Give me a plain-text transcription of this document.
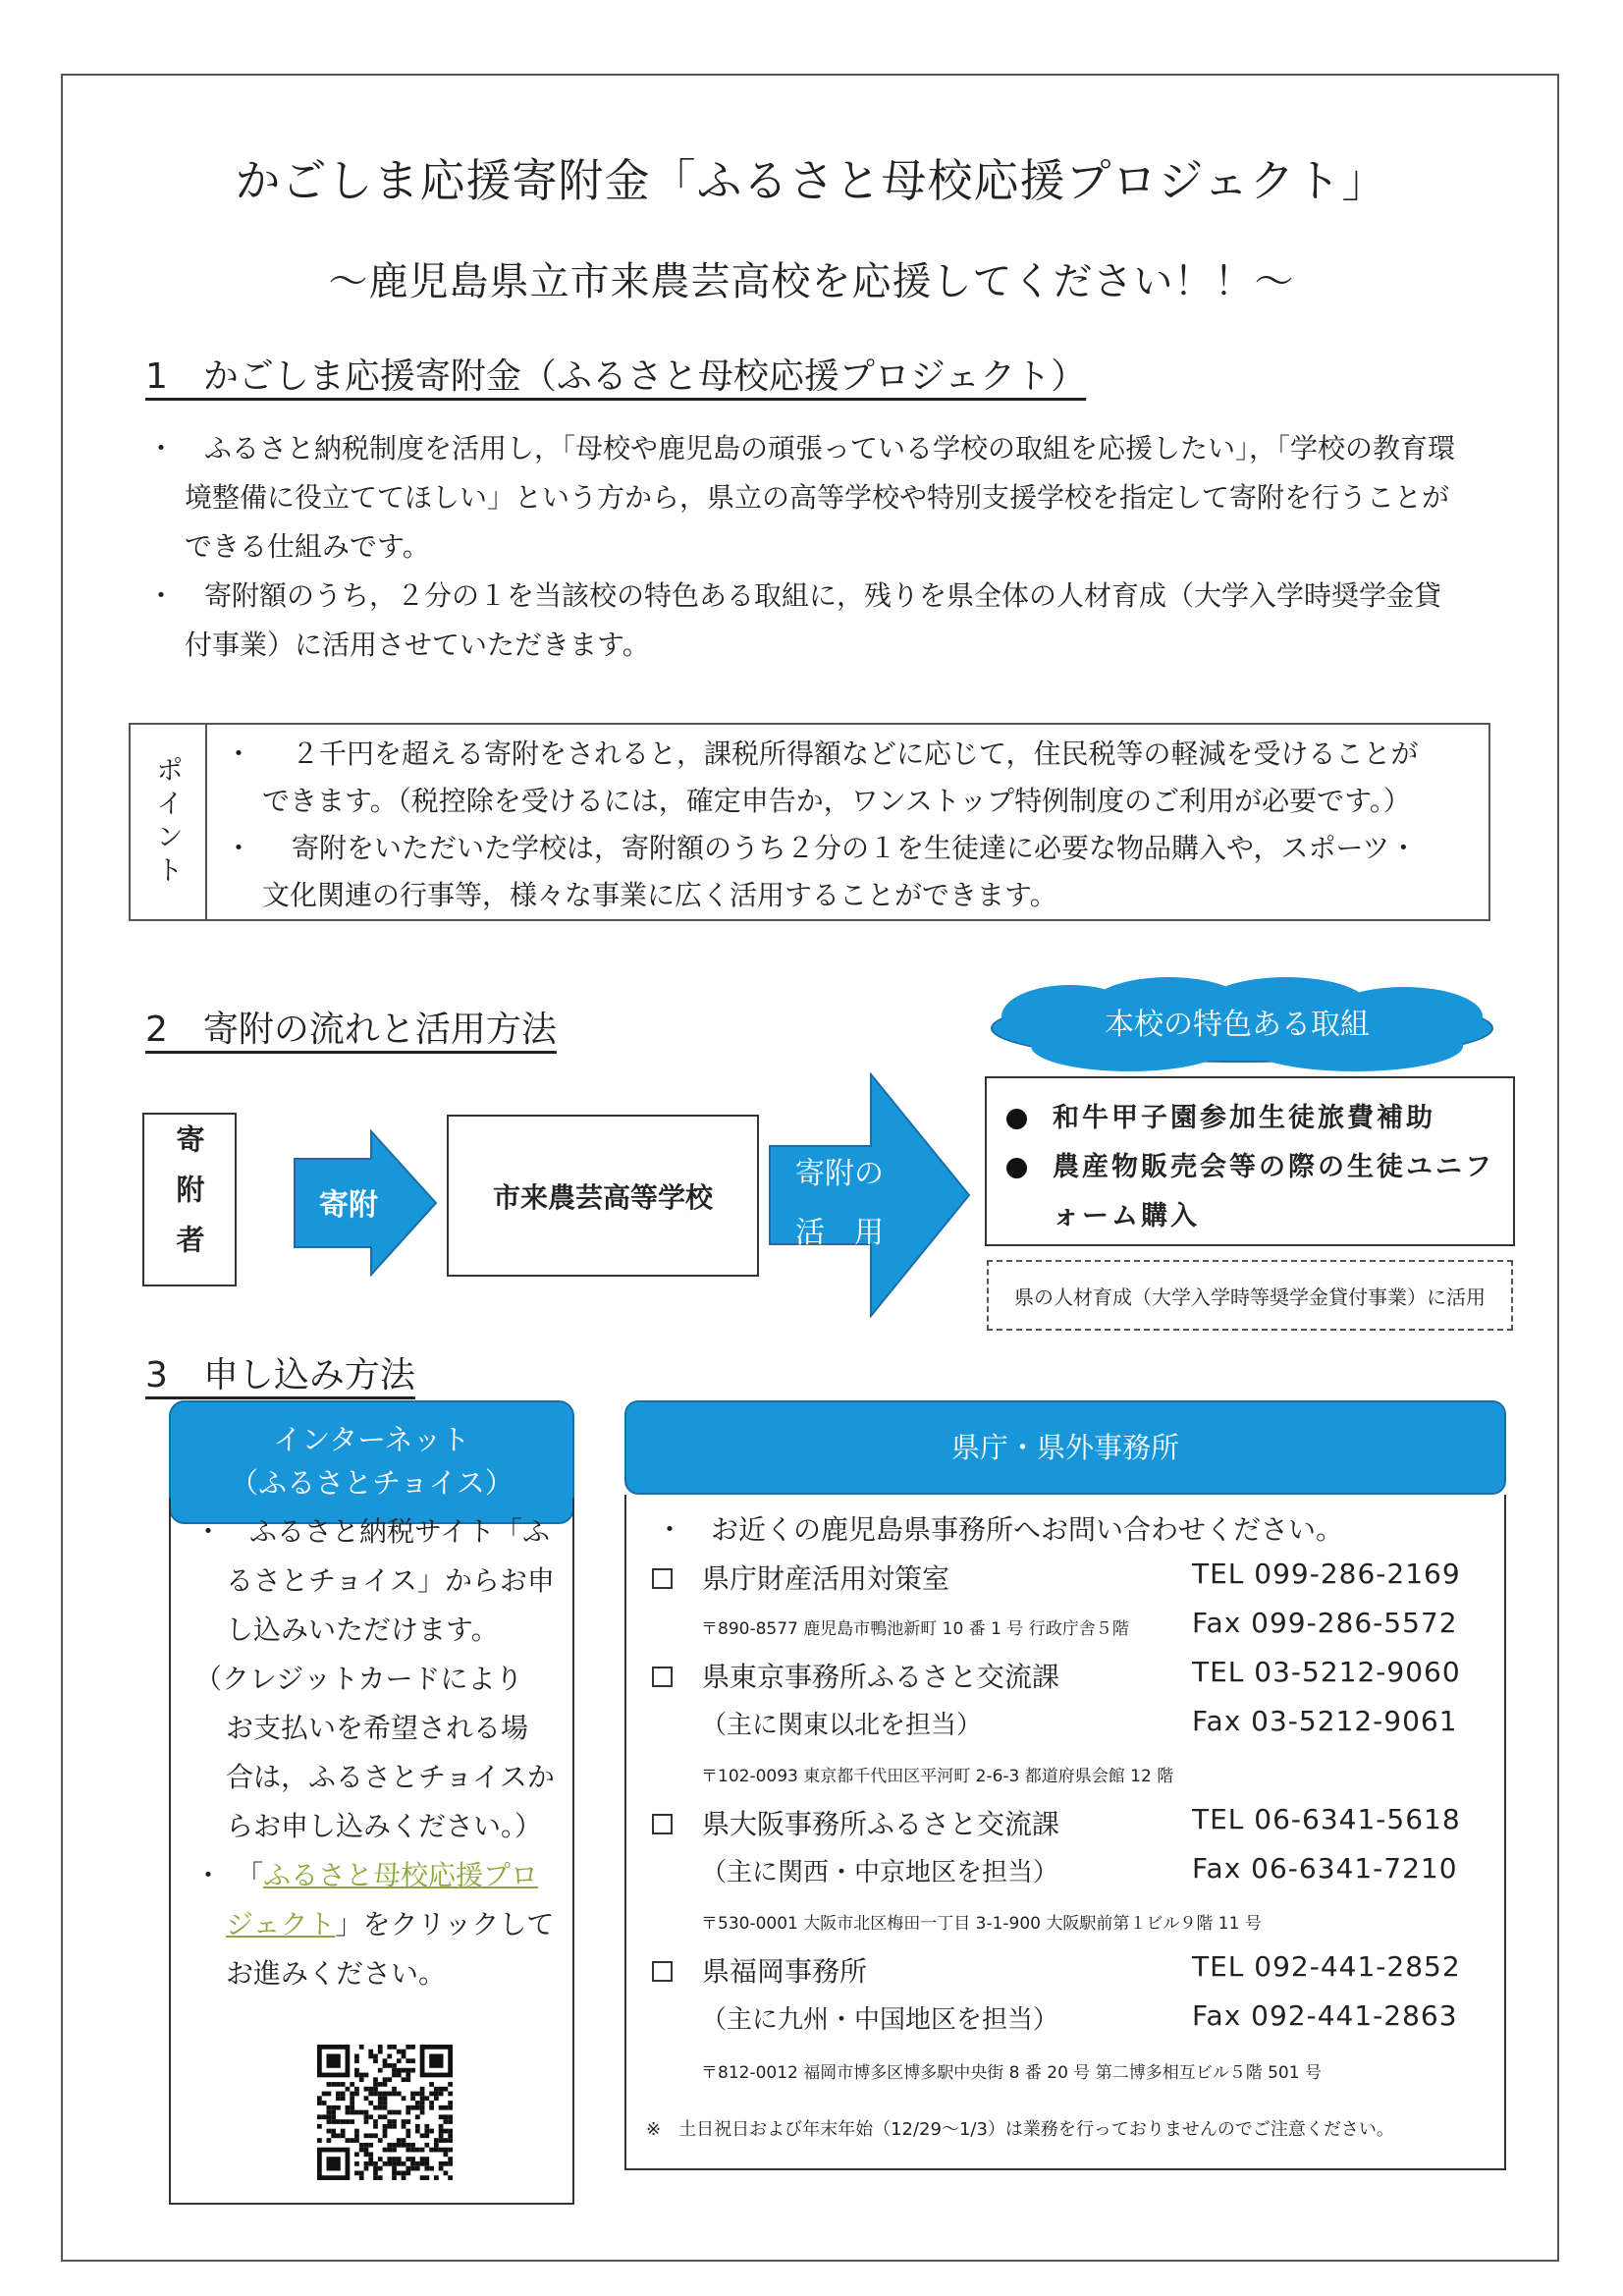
かごしま応援寄附金「ふるさと母校応援プロジェクト」
～鹿児島県立市来農芸高校を応援してください！！～
1　かごしま応援寄附金（ふるさと母校応援プロジェクト）
・	ふるさと納税制度を活用し，「母校や鹿児島の頑張っている学校の取組を応援したい」，「学校の教育環
境整備に役立ててほしい」という方から，県立の高等学校や特別支援学校を指定して寄附を行うことが
できる仕組みです。
・	寄附額のうち，２分の１を当該校の特色ある取組に，残りを県全体の人材育成（大学入学時奨学金貸
付事業）に活用させていただきます。
ポイント
・	２千円を超える寄附をされると，課税所得額などに応じて，住民税等の軽減を受けることが
できます。（税控除を受けるには，確定申告か，ワンストップ特例制度のご利用が必要です。）
・	寄附をいただいた学校は，寄附額のうち２分の１を生徒達に必要な物品購入や，スポーツ・
文化関連の行事等，様々な事業に広く活用することができます。
2　寄附の流れと活用方法	本校の特色ある取組
寄附者	寄附	市来農芸高等学校
寄附の
活　用
和牛甲子園参加生徒旅費補助
農産物販売会等の際の生徒ユニフ
ォーム購入
県の人材育成（大学入学時等奨学金貸付事業）に活用
3　申し込み方法
インターネット
（ふるさとチョイス）
・　ふるさと納税サイト「ふ
るさとチョイス」からお申
し込みいただけます。
（クレジットカードにより
お支払いを希望される場
合は，ふるさとチョイスか
らお申し込みください。）
・　「ふるさと母校応援プロ
ジェクト」をクリックして
お進みください。
県庁・県外事務所
・　お近くの鹿児島県事務所へお問い合わせください。
県庁財産活用対策室	TEL 099-286-2169
〒890-8577 鹿児島市鴨池新町 10 番 1 号 行政庁舎５階 Fax 099-286-5572
県東京事務所ふるさと交流課	TEL 03-5212-9060
（主に関東以北を担当）	Fax 03-5212-9061
〒102-0093 東京都千代田区平河町 2-6-3 都道府県会館 12 階
県大阪事務所ふるさと交流課	TEL 06-6341-5618
（主に関西・中京地区を担当）	Fax 06-6341-7210
〒530-0001 大阪市北区梅田一丁目 3-1-900 大阪駅前第１ビル９階 11 号
県福岡事務所	TEL 092-441-2852
（主に九州・中国地区を担当）	Fax 092-441-2863
〒812-0012 福岡市博多区博多駅中央街 8 番 20 号 第二博多相互ビル５階 501 号
※　土日祝日および年末年始（12/29～1/3）は業務を行っておりませんのでご注意ください。
